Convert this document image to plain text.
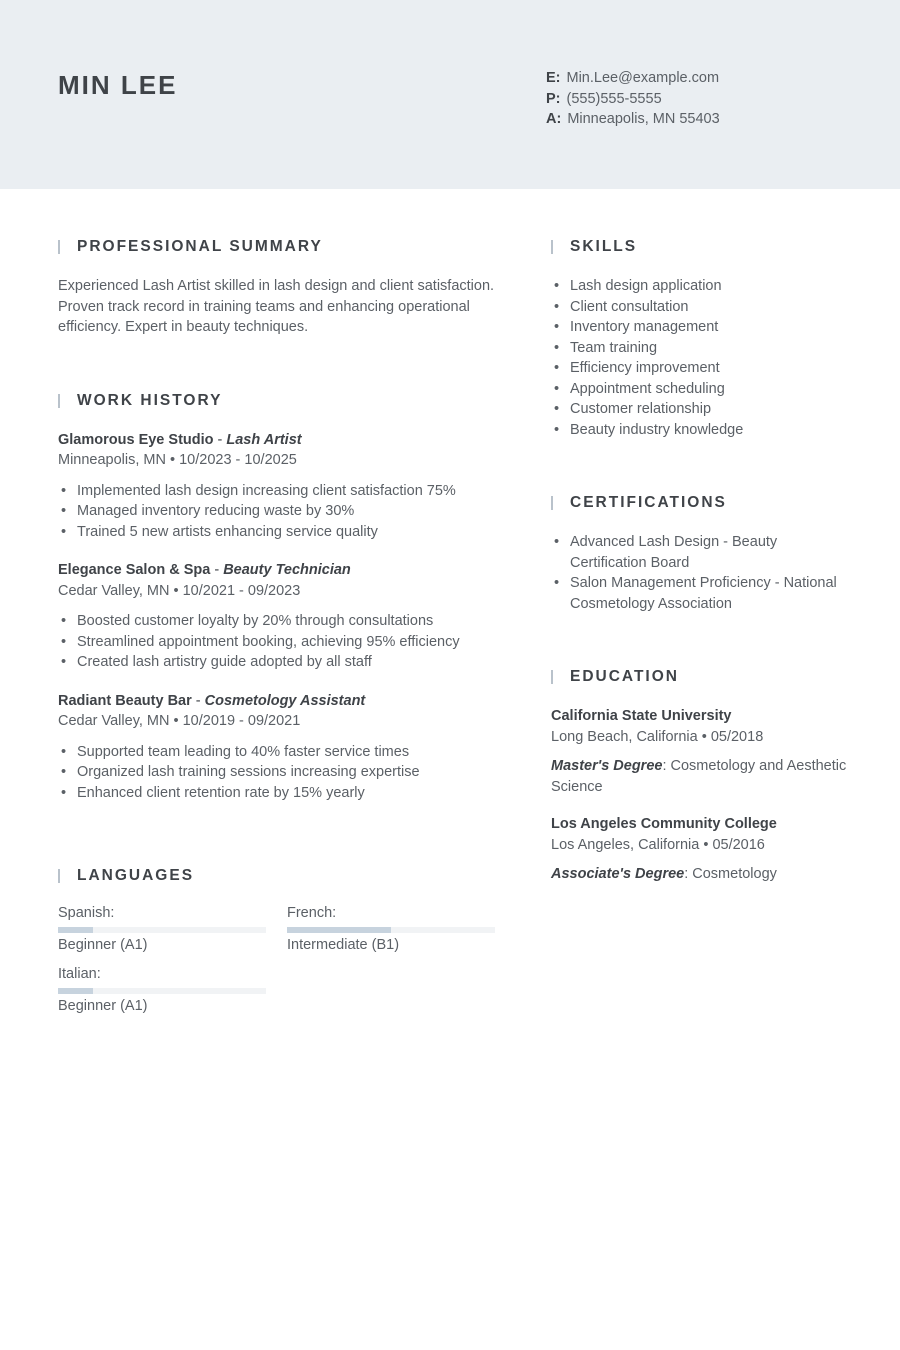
MIN LEE	E: Min.Lee@example.com
P: (555)555-5555
A: Minneapolis, MN 55403
PROFESSIONAL SUMMARY
Experienced Lash Artist skilled in lash design and client satisfaction. Proven track record in training teams and enhancing operational efficiency. Expert in beauty techniques.
WORK HISTORY
Glamorous Eye Studio - Lash Artist
Minneapolis, MN • 10/2023 - 10/2025
• Implemented lash design increasing client satisfaction 75%
• Managed inventory reducing waste by 30%
• Trained 5 new artists enhancing service quality
Elegance Salon & Spa - Beauty Technician
Cedar Valley, MN • 10/2021 - 09/2023
• Boosted customer loyalty by 20% through consultations
• Streamlined appointment booking, achieving 95% efficiency
• Created lash artistry guide adopted by all staff
Radiant Beauty Bar - Cosmetology Assistant
Cedar Valley, MN • 10/2019 - 09/2021
• Supported team leading to 40% faster service times
• Organized lash training sessions increasing expertise
• Enhanced client retention rate by 15% yearly
LANGUAGES
Spanish:
Beginner (A1)
French:
Intermediate (B1)
Italian:
Beginner (A1)
SKILLS
• Lash design application
• Client consultation
• Inventory management
• Team training
• Efficiency improvement
• Appointment scheduling
• Customer relationship
• Beauty industry knowledge
CERTIFICATIONS
• Advanced Lash Design - Beauty Certification Board
• Salon Management Proficiency - National Cosmetology Association
EDUCATION
California State University
Long Beach, California • 05/2018
Master's Degree: Cosmetology and Aesthetic Science
Los Angeles Community College
Los Angeles, California • 05/2016
Associate's Degree: Cosmetology
